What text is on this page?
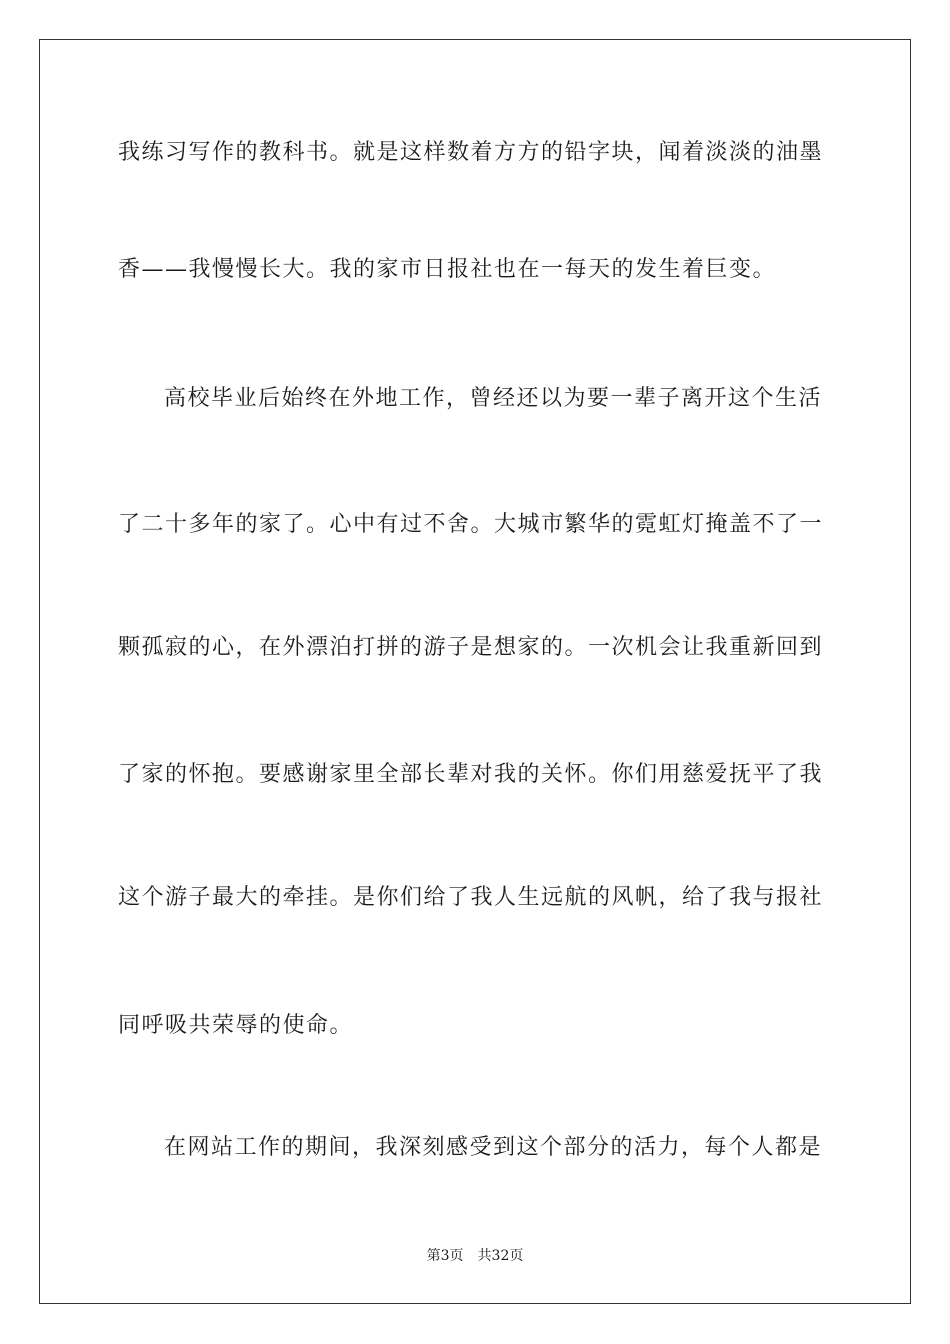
我练习写作的教科书。就是这样数着方方的铅字块，闻着淡淡的油墨
香——我慢慢长大。我的家市日报社也在一每天的发生着巨变。
高校毕业后始终在外地工作，曾经还以为要一辈子离开这个生活
了二十多年的家了。心中有过不舍。大城市繁华的霓虹灯掩盖不了一
颗孤寂的心，在外漂泊打拼的游子是想家的。一次机会让我重新回到
了家的怀抱。要感谢家里全部长辈对我的关怀。你们用慈爱抚平了我
这个游子最大的牵挂。是你们给了我人生远航的风帆，给了我与报社
同呼吸共荣辱的使命。
在网站工作的期间，我深刻感受到这个部分的活力，每个人都是
第3页 共32页
